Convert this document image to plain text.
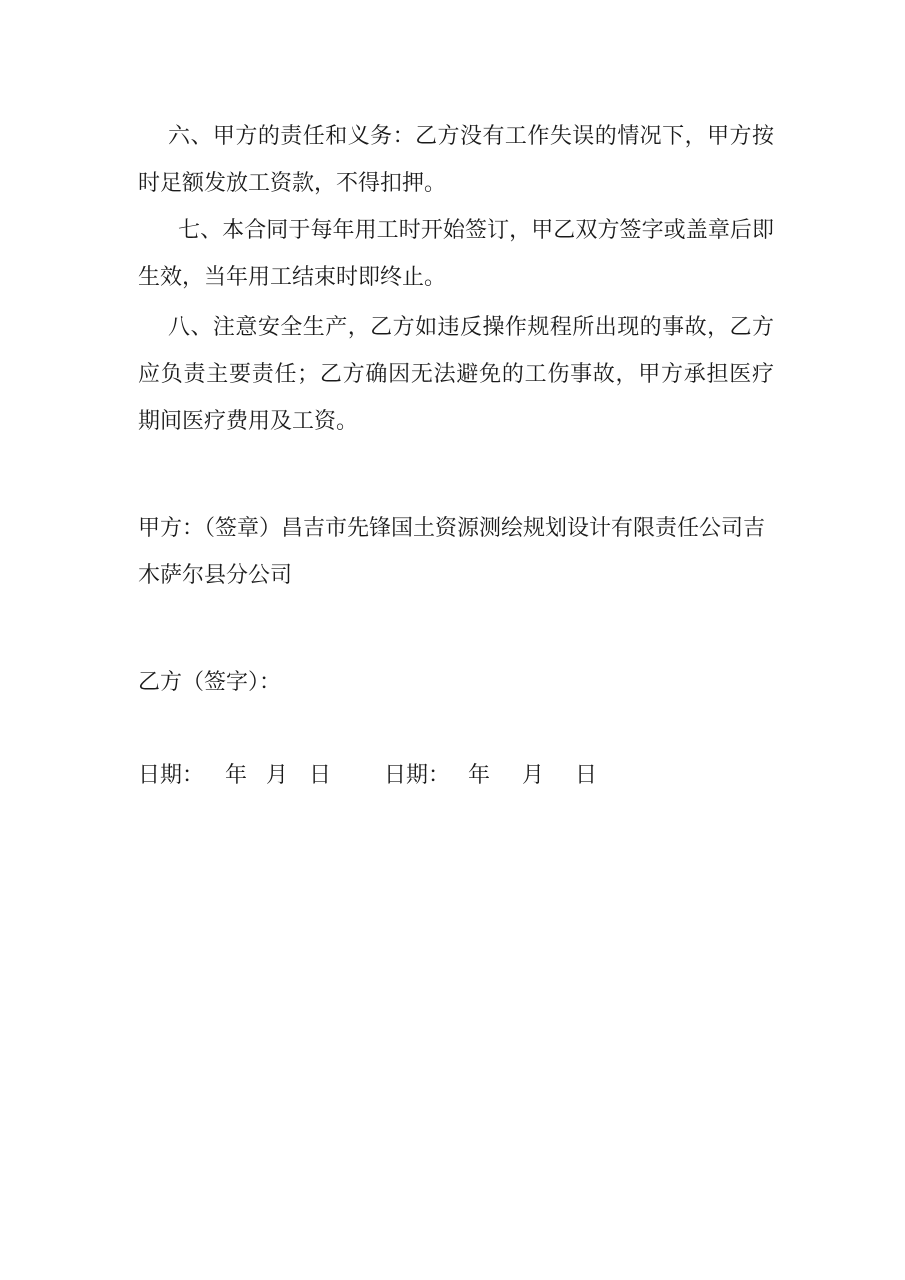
六、甲方的责任和义务：乙方没有工作失误的情况下，甲方按时足额发放工资款，不得扣押。

七、本合同于每年用工时开始签订，甲乙双方签字或盖章后即生效，当年用工结束时即终止。

八、注意安全生产，乙方如违反操作规程所出现的事故，乙方应负责主要责任；乙方确因无法避免的工伤事故，甲方承担医疗期间医疗费用及工资。

甲方：（签章）昌吉市先锋国土资源测绘规划设计有限责任公司吉木萨尔县分公司

乙方（签字）：

日期： 年 月 日 日期： 年 月 日
